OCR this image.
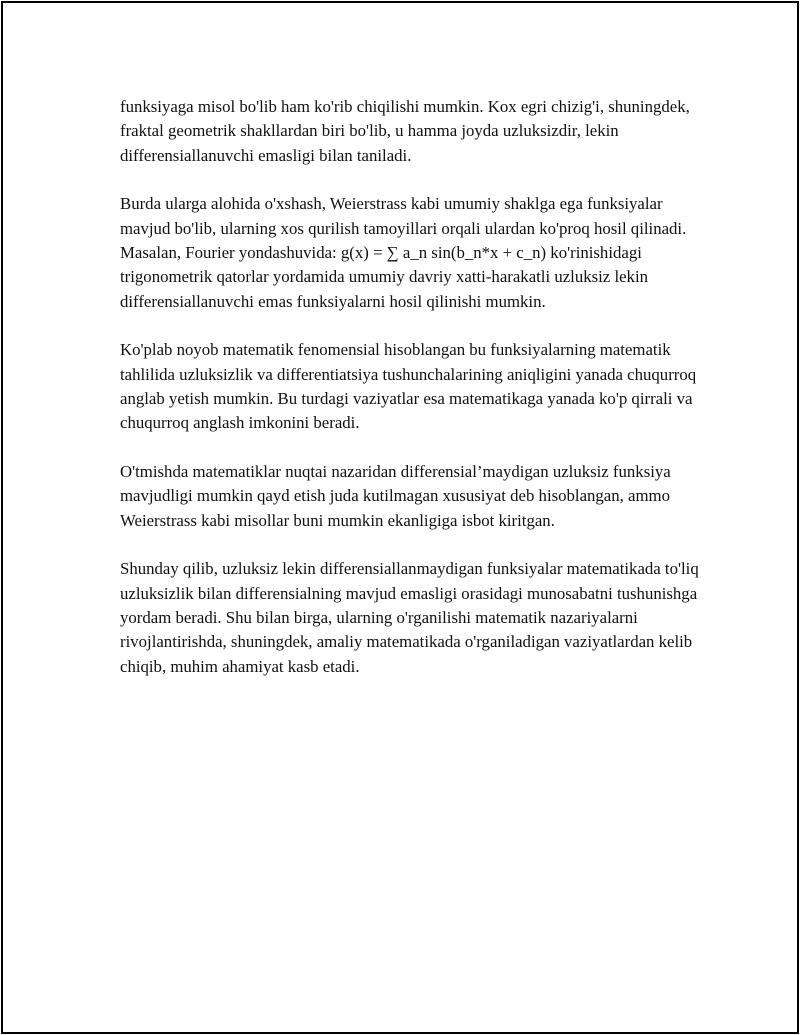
funksiyaga misol bo'lib ham ko'rib chiqilishi mumkin. Kox egri chizig'i, shuningdek, fraktal geometrik shakllardan biri bo'lib, u hamma joyda uzluksizdir, lekin differensiallanuvchi emasligi bilan taniladi.

Burda ularga alohida o'xshash, Weierstrass kabi umumiy shaklga ega funksiyalar mavjud bo'lib, ularning xos qurilish tamoyillari orqali ulardan ko'proq hosil qilinadi. Masalan, Fourier yondashuvida: g(x) = ∑ a_n sin(b_n*x + c_n) ko'rinishidagi trigonometrik qatorlar yordamida umumiy davriy xatti-harakatli uzluksiz lekin differensiallanuvchi emas funksiyalarni hosil qilinishi mumkin.

Ko'plab noyob matematik fenomensial hisoblangan bu funksiyalarning matematik tahlilida uzluksizlik va differentiatsiya tushunchalarining aniqligini yanada chuqurroq anglab yetish mumkin. Bu turdagi vaziyatlar esa matematikaga yanada ko'p qirrali va chuqurroq anglash imkonini beradi.

O'tmishda matematiklar nuqtai nazaridan differensial’maydigan uzluksiz funksiya mavjudligi mumkin qayd etish juda kutilmagan xususiyat deb hisoblangan, ammo Weierstrass kabi misollar buni mumkin ekanligiga isbot kiritgan.

Shunday qilib, uzluksiz lekin differensiallanmaydigan funksiyalar matematikada to'liq uzluksizlik bilan differensialning mavjud emasligi orasidagi munosabatni tushunishga yordam beradi. Shu bilan birga, ularning o'rganilishi matematik nazariyalarni rivojlantirishda, shuningdek, amaliy matematikada o'rganiladigan vaziyatlardan kelib chiqib, muhim ahamiyat kasb etadi.
